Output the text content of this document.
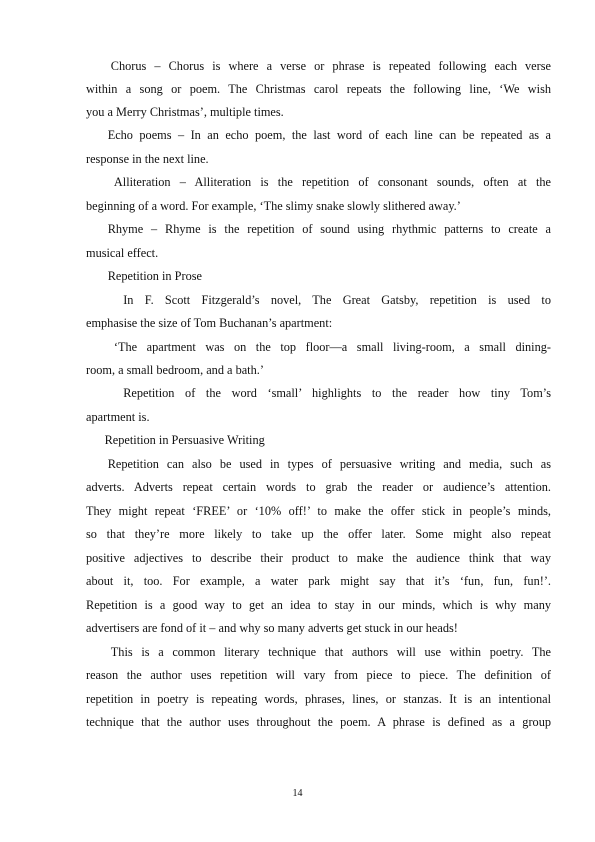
Chorus – Chorus is where a verse or phrase is repeated following each verse
within a song or poem. The Christmas carol repeats the following line, ‘We wish
you a Merry Christmas’, multiple times.
Echo poems – In an echo poem, the last word of each line can be repeated as a
response in the next line.
Alliteration – Alliteration is the repetition of consonant sounds, often at the
beginning of a word. For example, ‘The slimy snake slowly slithered away.’
Rhyme – Rhyme is the repetition of sound using rhythmic patterns to create a
musical effect.
Repetition in Prose
In F. Scott Fitzgerald’s novel, The Great Gatsby, repetition is used to
emphasise the size of Tom Buchanan’s apartment:
‘The apartment was on the top floor—a small living-room, a small dining-
room, a small bedroom, and a bath.’
Repetition of the word ‘small’ highlights to the reader how tiny Tom’s
apartment is.
Repetition in Persuasive Writing
Repetition can also be used in types of persuasive writing and media, such as
adverts. Adverts repeat certain words to grab the reader or audience’s attention.
They might repeat ‘FREE’ or ‘10% off!’ to make the offer stick in people’s minds,
so that they’re more likely to take up the offer later. Some might also repeat
positive adjectives to describe their product to make the audience think that way
about it, too. For example, a water park might say that it’s ‘fun, fun, fun!’.
Repetition is a good way to get an idea to stay in our minds, which is why many
advertisers are fond of it – and why so many adverts get stuck in our heads!
This is a common literary technique that authors will use within poetry. The
reason the author uses repetition will vary from piece to piece. The definition of
repetition in poetry is repeating words, phrases, lines, or stanzas. It is an intentional
technique that the author uses throughout the poem. A phrase is defined as a group
14
